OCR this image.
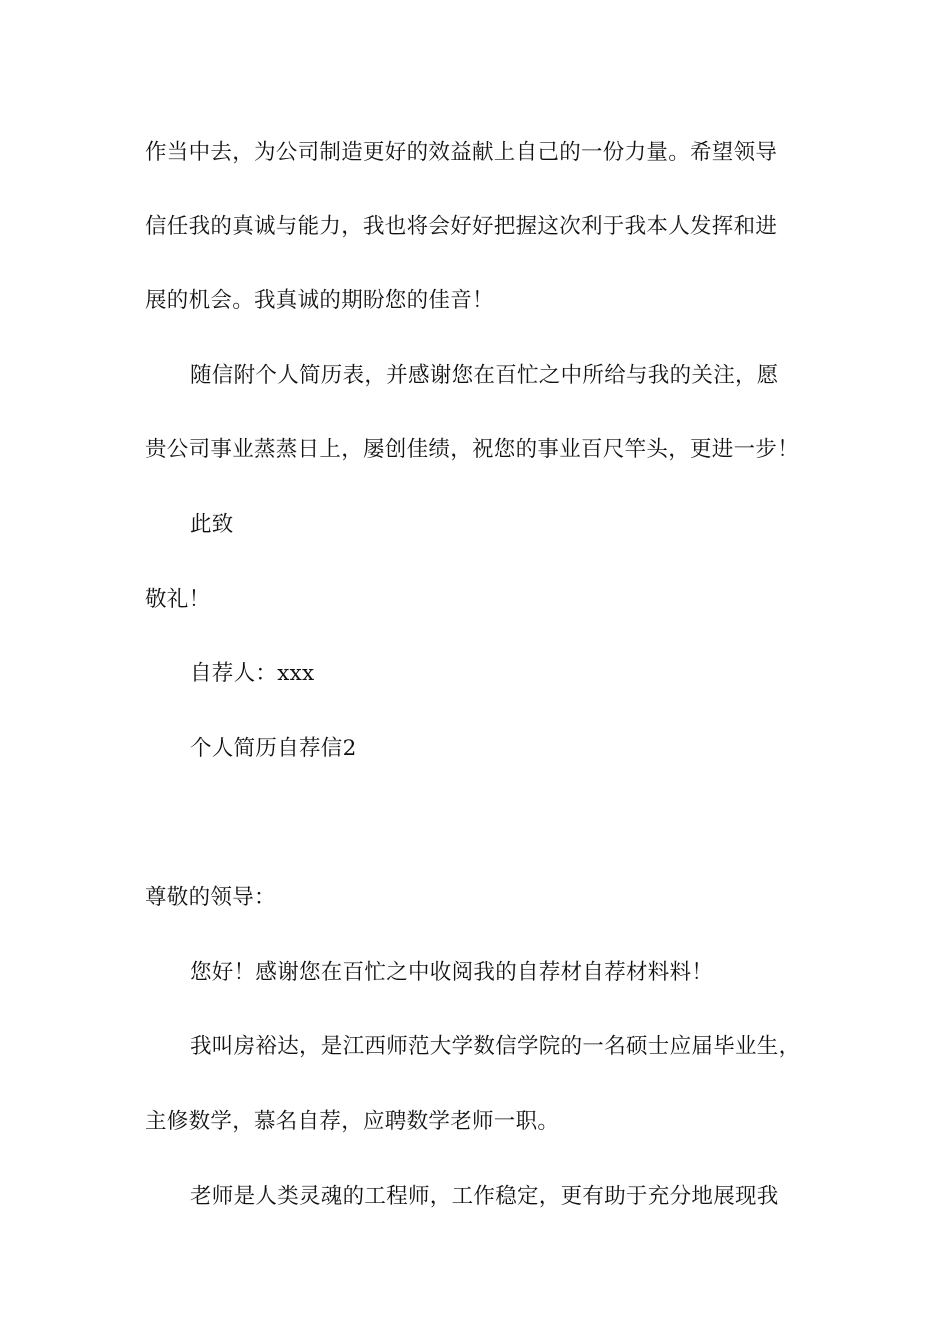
作当中去，为公司制造更好的效益献上自己的一份力量。希望领导
信任我的真诚与能力，我也将会好好把握这次利于我本人发挥和进
展的机会。我真诚的期盼您的佳音！
随信附个人简历表，并感谢您在百忙之中所给与我的关注，愿
贵公司事业蒸蒸日上，屡创佳绩，祝您的事业百尺竿头，更进一步！
此致
敬礼！
自荐人：xxx
个人简历自荐信2
尊敬的领导：
您好！感谢您在百忙之中收阅我的自荐材自荐材料料！
我叫房裕达，是江西师范大学数信学院的一名硕士应届毕业生，
主修数学，慕名自荐，应聘数学老师一职。
老师是人类灵魂的工程师，工作稳定，更有助于充分地展现我
